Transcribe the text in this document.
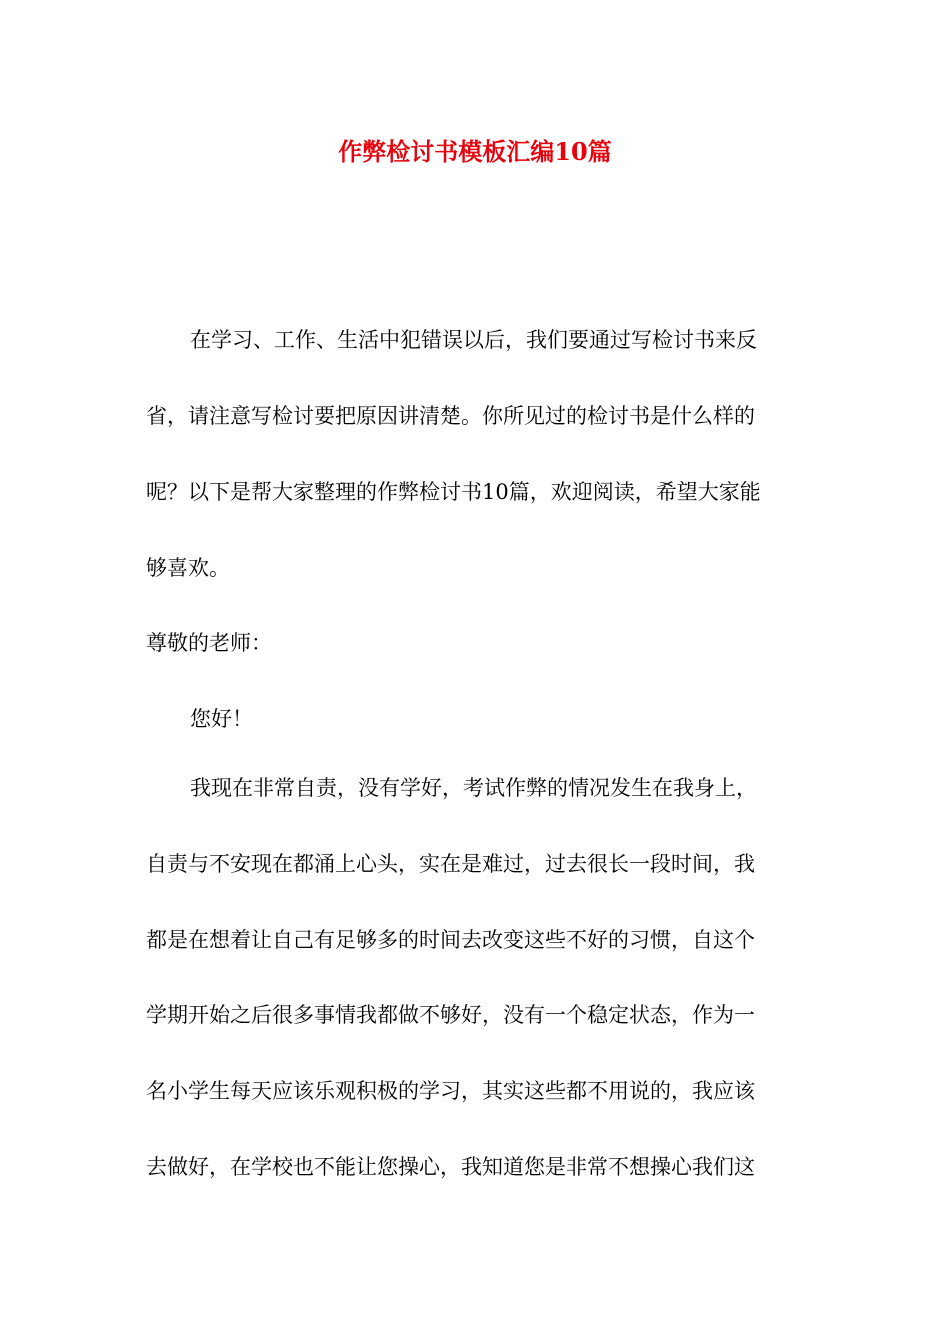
作弊检讨书模板汇编10篇
在学习、工作、生活中犯错误以后，我们要通过写检讨书来反
省，请注意写检讨要把原因讲清楚。你所见过的检讨书是什么样的
呢？以下是帮大家整理的作弊检讨书10篇，欢迎阅读，希望大家能
够喜欢。
尊敬的老师：
您好！
我现在非常自责，没有学好，考试作弊的情况发生在我身上，
自责与不安现在都涌上心头，实在是难过，过去很长一段时间，我
都是在想着让自己有足够多的时间去改变这些不好的习惯，自这个
学期开始之后很多事情我都做不够好，没有一个稳定状态，作为一
名小学生每天应该乐观积极的学习，其实这些都不用说的，我应该
去做好，在学校也不能让您操心，我知道您是非常不想操心我们这
